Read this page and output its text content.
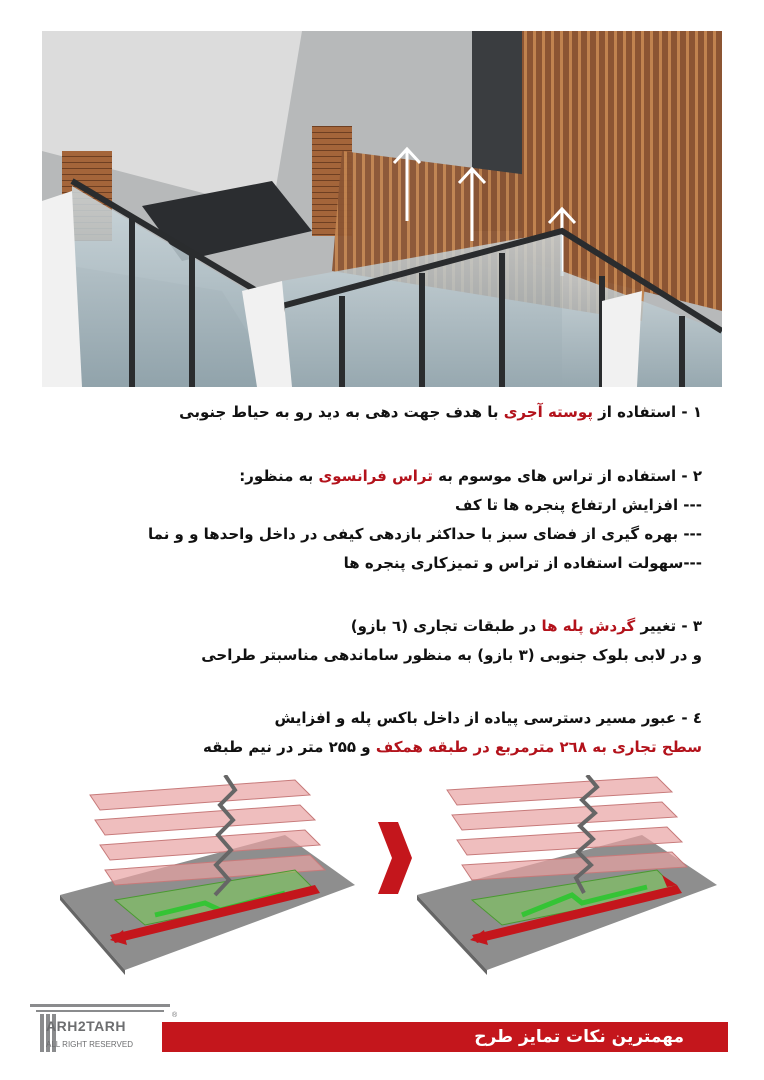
۱ - استفاده از پوسته آجری با هدف جهت دهی به دید رو به حیاط جنوبی
۲ - استفاده از تراس های موسوم به تراس فرانسوی به منظور:
--- افزایش ارتفاع پنجره ها تا کف
--- بهره گیری از فضای سبز با حداکثر بازدهی کیفی در داخل واحدها و و نما
---سهولت استفاده از تراس و تمیزکاری پنجره ها
۳ - تغییر گردش پله ها در طبقات تجاری (٦ بازو)
و در لابی بلوک جنوبی (۳ بازو) به منظور ساماندهی مناسبتر طراحی
٤ - عبور مسیر دسترسی پیاده از داخل باکس پله و افزایش
سطح تجاری به ۲٦۸ مترمربع در طبقه همکف و ۲۵۵ متر در نیم طبقه
مهمترین نکات تمایز طرح
ARH2TARH
ALL RIGHT RESERVED
®
